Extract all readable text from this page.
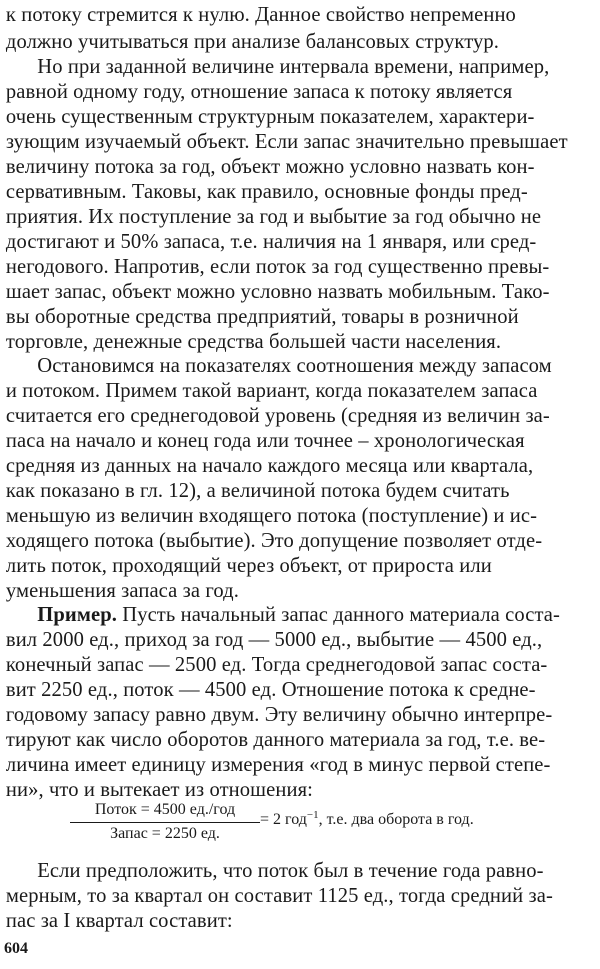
к потоку стремится к нулю. Данное свойство непременно
должно учитываться при анализе балансовых структур.
Но при заданной величине интервала времени, например,
равной одному году, отношение запаса к потоку является
очень существенным структурным показателем, характери-
зующим изучаемый объект. Если запас значительно превышает
величину потока за год, объект можно условно назвать кон-
сервативным. Таковы, как правило, основные фонды пред-
приятия. Их поступление за год и выбытие за год обычно не
достигают и 50% запаса, т.е. наличия на 1 января, или сред-
негодового. Напротив, если поток за год существенно превы-
шает запас, объект можно условно назвать мобильным. Тако-
вы оборотные средства предприятий, товары в розничной
торговле, денежные средства большей части населения.
Остановимся на показателях соотношения между запасом
и потоком. Примем такой вариант, когда показателем запаса
считается его среднегодовой уровень (средняя из величин за-
паса на начало и конец года или точнее – хронологическая
средняя из данных на начало каждого месяца или квартала,
как показано в гл. 12), а величиной потока будем считать
меньшую из величин входящего потока (поступление) и ис-
ходящего потока (выбытие). Это допущение позволяет отде-
лить поток, проходящий через объект, от прироста или
уменьшения запаса за год.
Пример. Пусть начальный запас данного материала соста-
вил 2000 ед., приход за год — 5000 ед., выбытие — 4500 ед.,
конечный запас — 2500 ед. Тогда среднегодовой запас соста-
вит 2250 ед., поток — 4500 ед. Отношение потока к средне-
годовому запасу равно двум. Эту величину обычно интерпре-
тируют как число оборотов данного материала за год, т.е. ве-
личина имеет единицу измерения «год в минус первой степе-
ни», что и вытекает из отношения:
Если предположить, что поток был в течение года равно-
мерным, то за квартал он составит 1125 ед., тогда средний за-
пас за I квартал составит:
Поток = 4500 ед./год
Запас = 2250 ед.
= 2 год$^{-1}$, т.е. два оборота в год.
604
